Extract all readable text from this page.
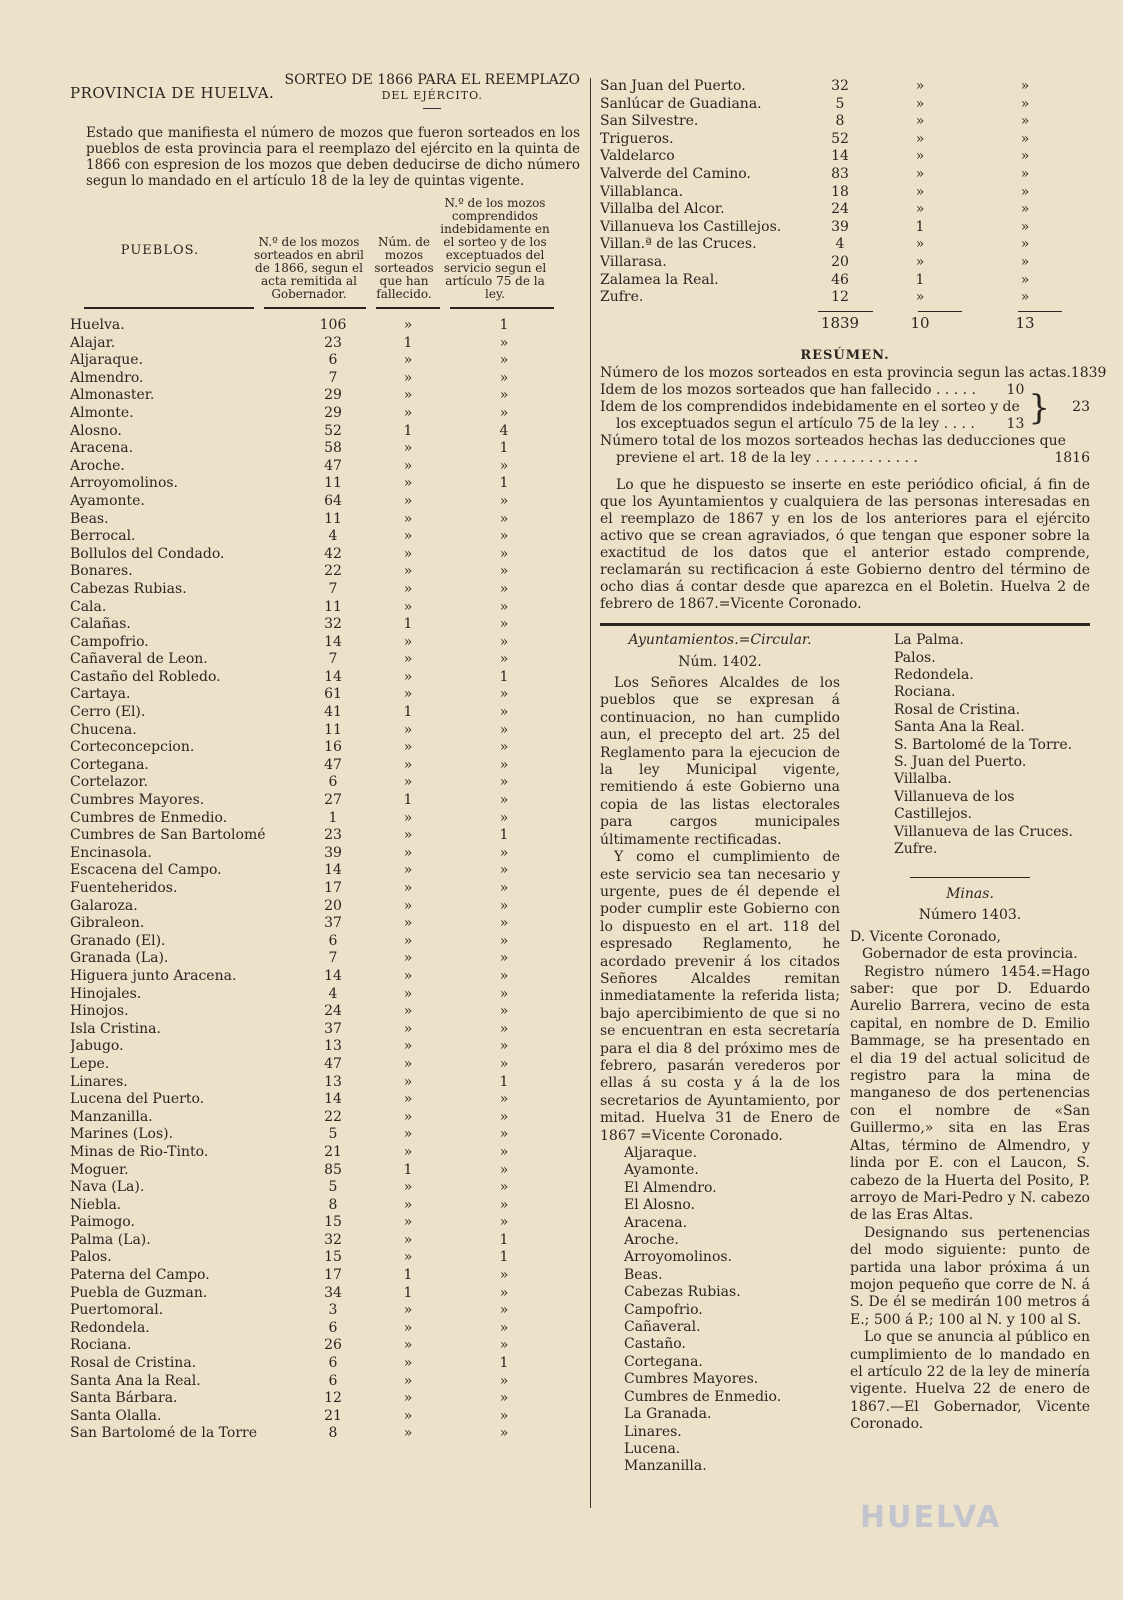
PROVINCIA DE HUELVA.
SORTEO DE 1866 PARA EL REEMPLAZO
DEL EJÉRCITO.
Estado que manifiesta el número de mozos que fueron sorteados en los pueblos de esta provincia para el reemplazo del ejército en la quinta de 1866 con espresion de los mozos que deben deducirse de dicho número segun lo mandado en el artículo 18 de la ley de quintas vigente.
PUEBLOS.
N.º de los mozos sorteados en abril de 1866, segun el acta remitida al Gobernador.
Núm. de mozos sorteados que han fallecido.
N.º de los mozos comprendidos indebidamente en el sorteo y de los exceptuados del servicio segun el artículo 75 de la ley.
Huelva.	106	»	1
Alajar.	23	1	»
Aljaraque.	6	»	»
Almendro.	7	»	»
Almonaster.	29	»	»
Almonte.	29	»	»
Alosno.	52	1	4
Aracena.	58	»	1
Aroche.	47	»	»
Arroyomolinos.	11	»	1
Ayamonte.	64	»	»
Beas.	11	»	»
Berrocal.	4	»	»
Bollulos del Condado.	42	»	»
Bonares.	22	»	»
Cabezas Rubias.	7	»	»
Cala.	11	»	»
Calañas.	32	1	»
Campofrio.	14	»	»
Cañaveral de Leon.	7	»	»
Castaño del Robledo.	14	»	1
Cartaya.	61	»	»
Cerro (El).	41	1	»
Chucena.	11	»	»
Corteconcepcion.	16	»	»
Cortegana.	47	»	»
Cortelazor.	6	»	»
Cumbres Mayores.	27	1	»
Cumbres de Enmedio.	1	»	»
Cumbres de San Bartolomé	23	»	1
Encinasola.	39	»	»
Escacena del Campo.	14	»	»
Fuenteheridos.	17	»	»
Galaroza.	20	»	»
Gibraleon.	37	»	»
Granado (El).	6	»	»
Granada (La).	7	»	»
Higuera junto Aracena.	14	»	»
Hinojales.	4	»	»
Hinojos.	24	»	»
Isla Cristina.	37	»	»
Jabugo.	13	»	»
Lepe.	47	»	»
Linares.	13	»	1
Lucena del Puerto.	14	»	»
Manzanilla.	22	»	»
Marines (Los).	5	»	»
Minas de Rio-Tinto.	21	»	»
Moguer.	85	1	»
Nava (La).	5	»	»
Niebla.	8	»	»
Paimogo.	15	»	»
Palma (La).	32	»	1
Palos.	15	»	1
Paterna del Campo.	17	1	»
Puebla de Guzman.	34	1	»
Puertomoral.	3	»	»
Redondela.	6	»	»
Rociana.	26	»	»
Rosal de Cristina.	6	»	1
Santa Ana la Real.	6	»	»
Santa Bárbara.	12	»	»
Santa Olalla.	21	»	»
San Bartolomé de la Torre	8	»	»
San Juan del Puerto.	32	»	»
Sanlúcar de Guadiana.	5	»	»
San Silvestre.	8	»	»
Trigueros.	52	»	»
Valdelarco	14	»	»
Valverde del Camino.	83	»	»
Villablanca.	18	»	»
Villalba del Alcor.	24	»	»
Villanueva los Castillejos.	39	1	»
Villan.ª de las Cruces.	4	»	»
Villarasa.	20	»	»
Zalamea la Real.	46	1	»
Zufre.	12	»	»
1839	10	13
RESÚMEN.
Número de los mozos sorteados en esta provincia segun las actas. 1839
Idem de los mozos sorteados que han fallecido . . . . . 10
Idem de los comprendidos indebidamente en el sorteo y de
los exceptuados segun el artículo 75 de la ley . . . . 13 }	23
Número total de los mozos sorteados hechas las deducciones que
previene el art. 18 de la ley . . . . . . . . . . . .	1816
Lo que he dispuesto se inserte en este periódico oficial, á fin de que los Ayuntamientos y cualquiera de las personas interesadas en el reemplazo de 1867 y en los de los anteriores para el ejército activo que se crean agraviados, ó que tengan que esponer sobre la exactitud de los datos que el anterior estado comprende, reclamarán su rectificacion á este Gobierno dentro del término de ocho dias á contar desde que aparezca en el Boletin. Huelva 2 de febrero de 1867.=Vicente Coronado.
Ayuntamientos.=Circular.
Núm. 1402.
Los Señores Alcaldes de los pueblos que se expresan á continuacion, no han cumplido aun, el precepto del art. 25 del Reglamento para la ejecucion de la ley Municipal vigente, remitiendo á este Gobierno una copia de las listas electorales para cargos municipales últimamente rectificadas.
Y como el cumplimiento de este servicio sea tan necesario y urgente, pues de él depende el poder cumplir este Gobierno con lo dispuesto en el art. 118 del espresado Reglamento, he acordado prevenir á los citados Señores Alcaldes remitan inmediatamente la referida lista; bajo apercibimiento de que si no se encuentran en esta secretaría para el dia 8 del próximo mes de febrero, pasarán verederos por ellas á su costa y á la de los secretarios de Ayuntamiento, por mitad. Huelva 31 de Enero de 1867 =Vicente Coronado.
Aljaraque.
Ayamonte.
El Almendro.
El Alosno.
Aracena.
Aroche.
Arroyomolinos.
Beas.
Cabezas Rubias.
Campofrio.
Cañaveral.
Castaño.
Cortegana.
Cumbres Mayores.
Cumbres de Enmedio.
La Granada.
Linares.
Lucena.
Manzanilla.
La Palma.
Palos.
Redondela.
Rociana.
Rosal de Cristina.
Santa Ana la Real.
S. Bartolomé de la Torre.
S. Juan del Puerto.
Villalba.
Villanueva de los Castillejos.
Villanueva de las Cruces.
Zufre.
Minas.
Número 1403.
D. Vicente Coronado, Gobernador de esta provincia.
Registro número 1454.=Hago saber: que por D. Eduardo Aurelio Barrera, vecino de esta capital, en nombre de D. Emilio Bammage, se ha presentado en el dia 19 del actual solicitud de registro para la mina de manganeso de dos pertenencias con el nombre de «San Guillermo,» sita en las Eras Altas, término de Almendro, y linda por E. con el Laucon, S. cabezo de la Huerta del Posito, P. arroyo de Mari-Pedro y N. cabezo de las Eras Altas.
Designando sus pertenencias del modo siguiente: punto de partida una labor próxima á un mojon pequeño que corre de N. á S. De él se medirán 100 metros á E.; 500 á P.; 100 al N. y 100 al S.
Lo que se anuncia al público en cumplimiento de lo mandado en el artículo 22 de la ley de minería vigente. Huelva 22 de enero de 1867.—El Gobernador, Vicente Coronado.
HUELVA
